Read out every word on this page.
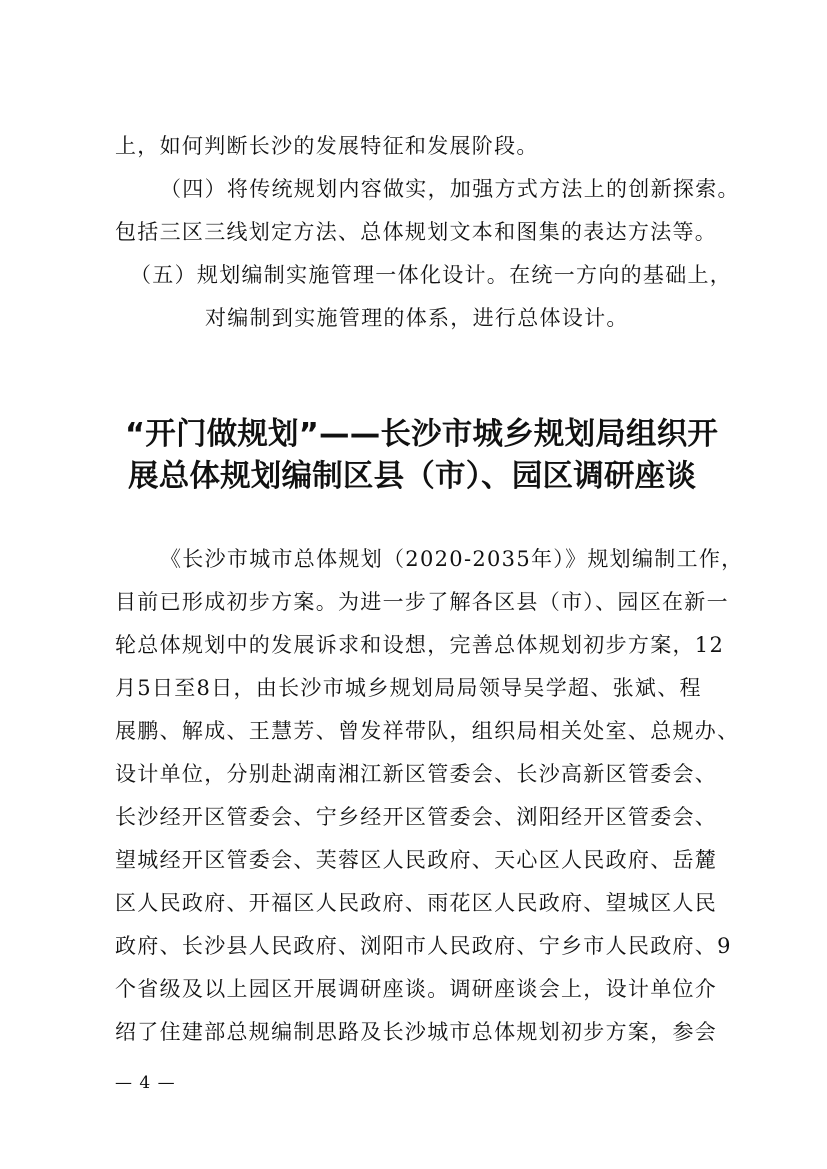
上，如何判断长沙的发展特征和发展阶段。
（四）将传统规划内容做实，加强方式方法上的创新探索。
包括三区三线划定方法、总体规划文本和图集的表达方法等。
（五）规划编制实施管理一体化设计。在统一方向的基础上，
对编制到实施管理的体系，进行总体设计。
“开门做规划”——长沙市城乡规划局组织开
展总体规划编制区县（市）、园区调研座谈
《长沙市城市总体规划（2020-2035年）》规划编制工作，
目前已形成初步方案。为进一步了解各区县（市）、园区在新一
轮总体规划中的发展诉求和设想，完善总体规划初步方案，12
月5日至8日，由长沙市城乡规划局局领导吴学超、张斌、程
展鹏、解成、王慧芳、曾发祥带队，组织局相关处室、总规办、
设计单位，分别赴湖南湘江新区管委会、长沙高新区管委会、
长沙经开区管委会、宁乡经开区管委会、浏阳经开区管委会、
望城经开区管委会、芙蓉区人民政府、天心区人民政府、岳麓
区人民政府、开福区人民政府、雨花区人民政府、望城区人民
政府、长沙县人民政府、浏阳市人民政府、宁乡市人民政府、9
个省级及以上园区开展调研座谈。调研座谈会上，设计单位介
绍了住建部总规编制思路及长沙城市总体规划初步方案，参会
— 4 —
